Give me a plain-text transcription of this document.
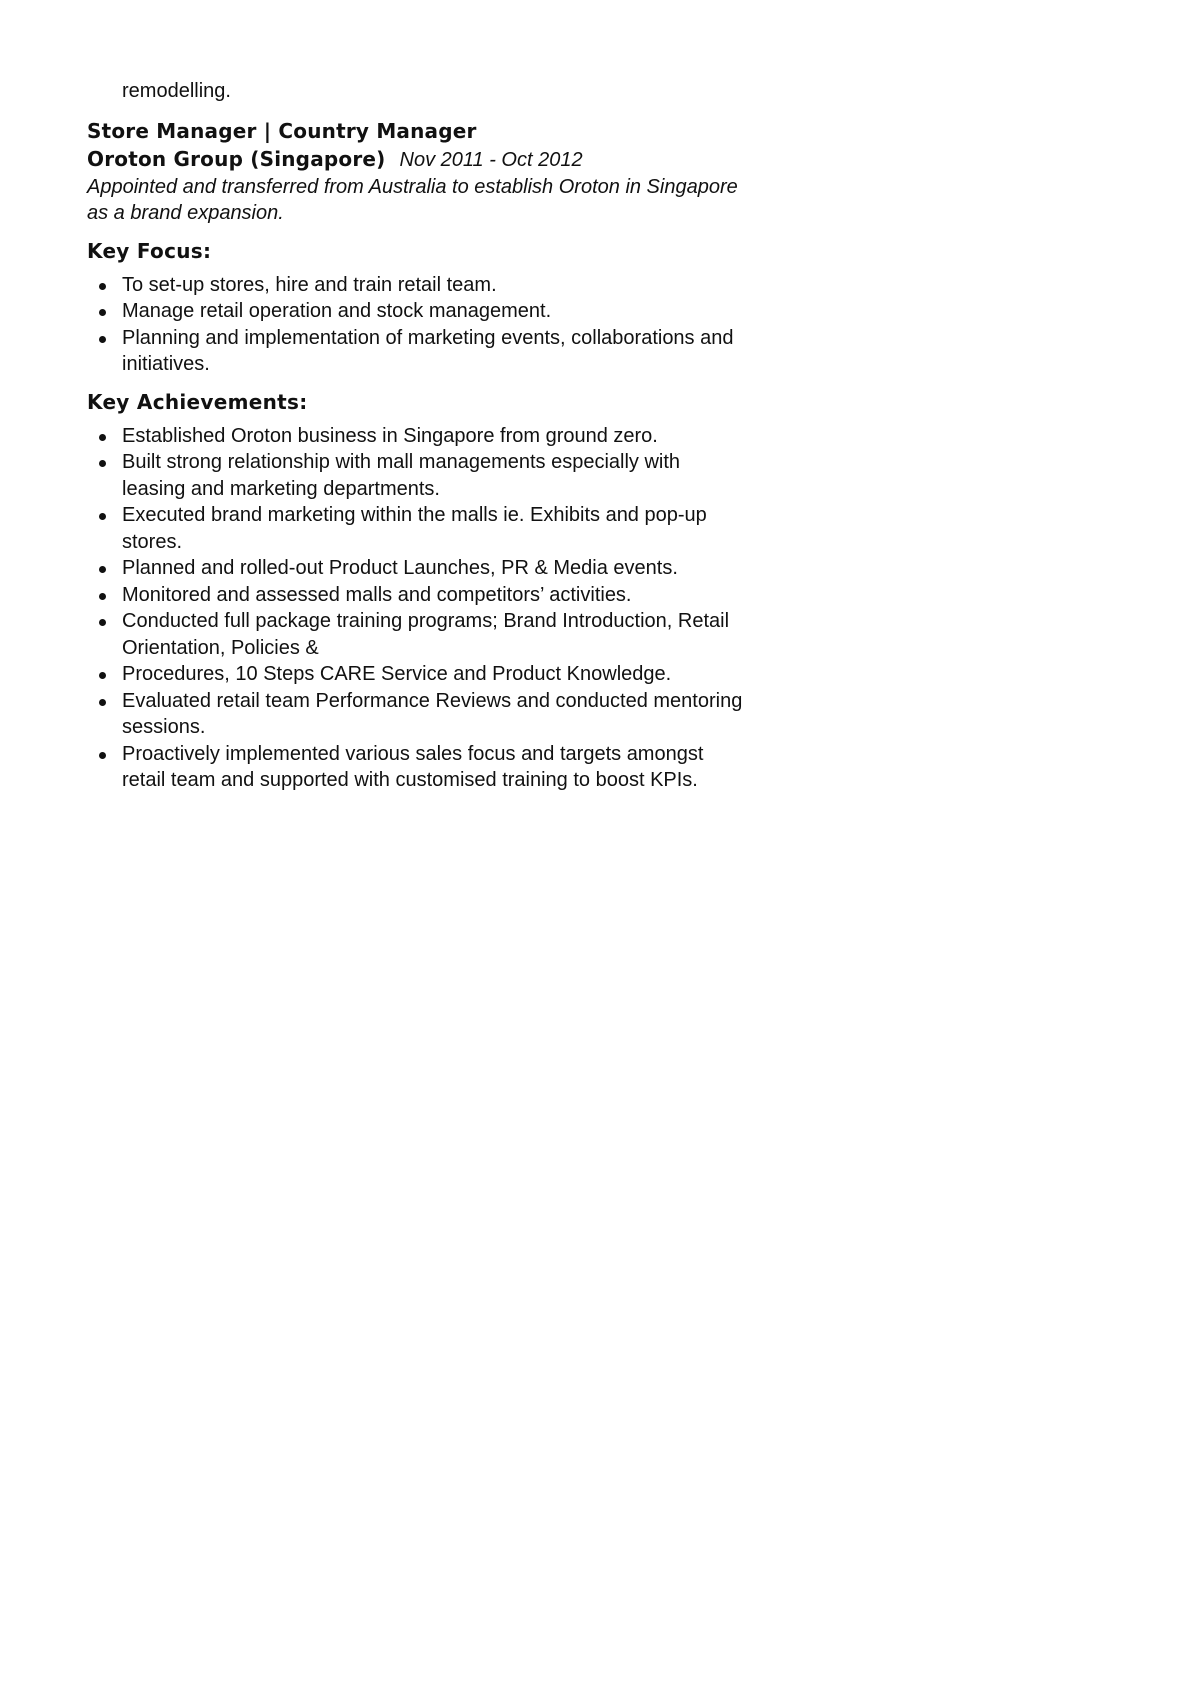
remodelling.

Store Manager | Country Manager

Oroton Group (Singapore) Nov 2011 - Oct 2012

Appointed and transferred from Australia to establish Oroton in Singapore as a brand expansion.

Key Focus:

To set-up stores, hire and train retail team.
Manage retail operation and stock management.
Planning and implementation of marketing events, collaborations and initiatives.

Key Achievements:

Established Oroton business in Singapore from ground zero.
Built strong relationship with mall managements especially with leasing and marketing departments.
Executed brand marketing within the malls ie. Exhibits and pop-up stores.
Planned and rolled-out Product Launches, PR & Media events.
Monitored and assessed malls and competitors’ activities.
Conducted full package training programs; Brand Introduction, Retail Orientation, Policies &
Procedures, 10 Steps CARE Service and Product Knowledge.
Evaluated retail team Performance Reviews and conducted mentoring sessions.
Proactively implemented various sales focus and targets amongst retail team and supported with customised training to boost KPIs.
